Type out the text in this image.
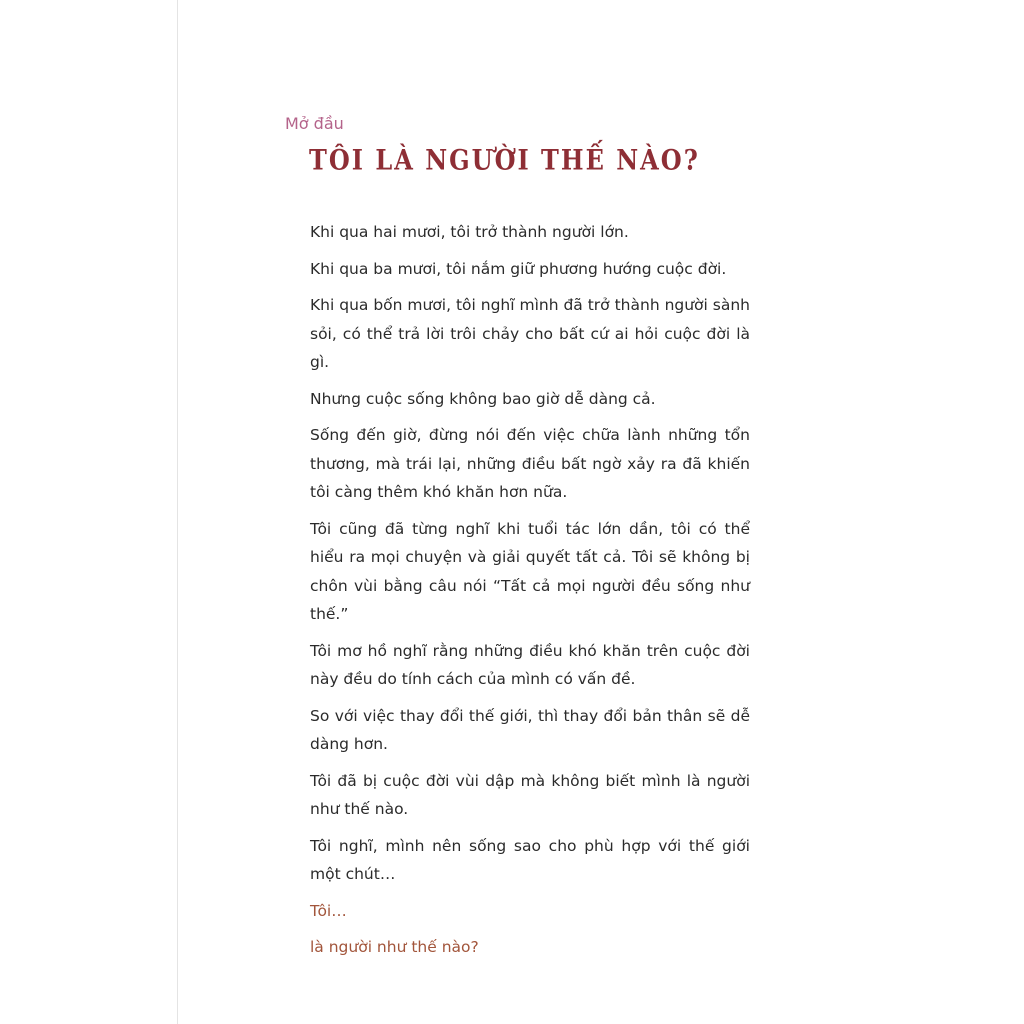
Mở đầu

TÔI LÀ NGƯỜI THẾ NÀO?

Khi qua hai mươi, tôi trở thành người lớn.

Khi qua ba mươi, tôi nắm giữ phương hướng cuộc đời.

Khi qua bốn mươi, tôi nghĩ mình đã trở thành người sành sỏi, có thể trả lời trôi chảy cho bất cứ ai hỏi cuộc đời là gì.

Nhưng cuộc sống không bao giờ dễ dàng cả.

Sống đến giờ, đừng nói đến việc chữa lành những tổn thương, mà trái lại, những điều bất ngờ xảy ra đã khiến tôi càng thêm khó khăn hơn nữa.

Tôi cũng đã từng nghĩ khi tuổi tác lớn dần, tôi có thể hiểu ra mọi chuyện và giải quyết tất cả. Tôi sẽ không bị chôn vùi bằng câu nói “Tất cả mọi người đều sống như thế.”

Tôi mơ hồ nghĩ rằng những điều khó khăn trên cuộc đời này đều do tính cách của mình có vấn đề.

So với việc thay đổi thế giới, thì thay đổi bản thân sẽ dễ dàng hơn.

Tôi đã bị cuộc đời vùi dập mà không biết mình là người như thế nào.

Tôi nghĩ, mình nên sống sao cho phù hợp với thế giới một chút…

Tôi…

là người như thế nào?
